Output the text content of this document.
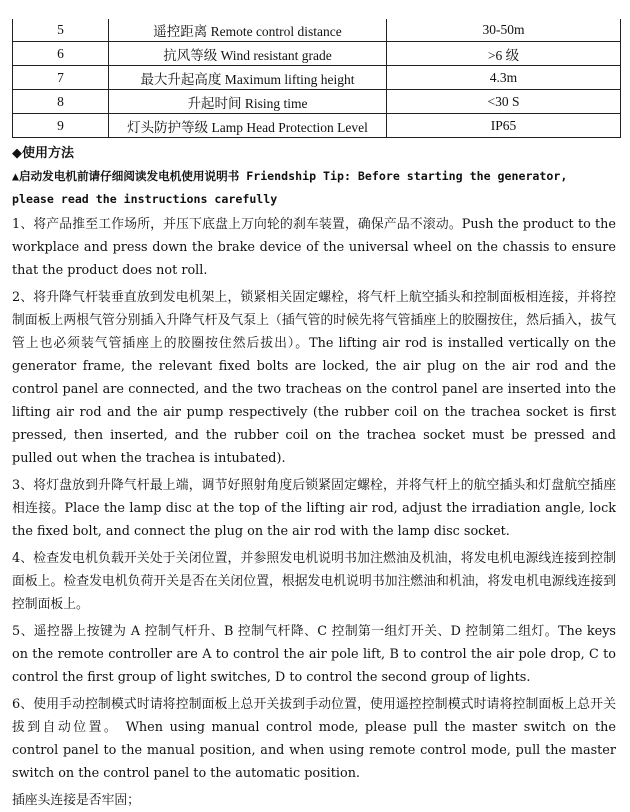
5	遥控距离 Remote control distance	30-50m
6	抗风等级 Wind resistant grade	>6 级
7	最大升起高度 Maximum lifting height	4.3m
8	升起时间 Rising time	<30 S
9	灯头防护等级 Lamp Head Protection Level	IP65
◆使用方法
▲启动发电机前请仔细阅读发电机使用说明书 Friendship Tip: Before starting the generator, please read the instructions carefully
1、将产品推至工作场所，并压下底盘上万向轮的刹车装置，确保产品不滚动。Push the product to the workplace and press down the brake device of the universal wheel on the chassis to ensure that the product does not roll.
2、将升降气杆装垂直放到发电机架上，锁紧相关固定螺栓，将气杆上航空插头和控制面板相连接，并将控制面板上两根气管分别插入升降气杆及气泵上（插气管的时候先将气管插座上的胶圈按住，然后插入，拔气管上也必须装气管插座上的胶圈按住然后拔出）。The lifting air rod is installed vertically on the generator frame, the relevant fixed bolts are locked, the air plug on the air rod and the control panel are connected, and the two tracheas on the control panel are inserted into the lifting air rod and the air pump respectively (the rubber coil on the trachea socket is first pressed, then inserted, and the rubber coil on the trachea socket must be pressed and pulled out when the trachea is intubated).
3、将灯盘放到升降气杆最上端，调节好照射角度后锁紧固定螺栓，并将气杆上的航空插头和灯盘航空插座相连接。Place the lamp disc at the top of the lifting air rod, adjust the irradiation angle, lock the fixed bolt, and connect the plug on the air rod with the lamp disc socket.
4、检查发电机负载开关处于关闭位置，并参照发电机说明书加注燃油及机油，将发电机电源线连接到控制面板上。检查发电机负荷开关是否在关闭位置，根据发电机说明书加注燃油和机油，将发电机电源线连接到控制面板上。
5、遥控器上按键为 A 控制气杆升、B 控制气杆降、C 控制第一组灯开关、D 控制第二组灯。The keys on the remote controller are A to control the air pole lift, B to control the air pole drop, C to control the first group of light switches, D to control the second group of lights.
6、使用手动控制模式时请将控制面板上总开关拔到手动位置，使用遥控控制模式时请将控制面板上总开关拔到自动位置。 When using manual control mode, please pull the master switch on the control panel to the manual position, and when using remote control mode, pull the master switch on the control panel to the automatic position.
插座头连接是否牢固；
